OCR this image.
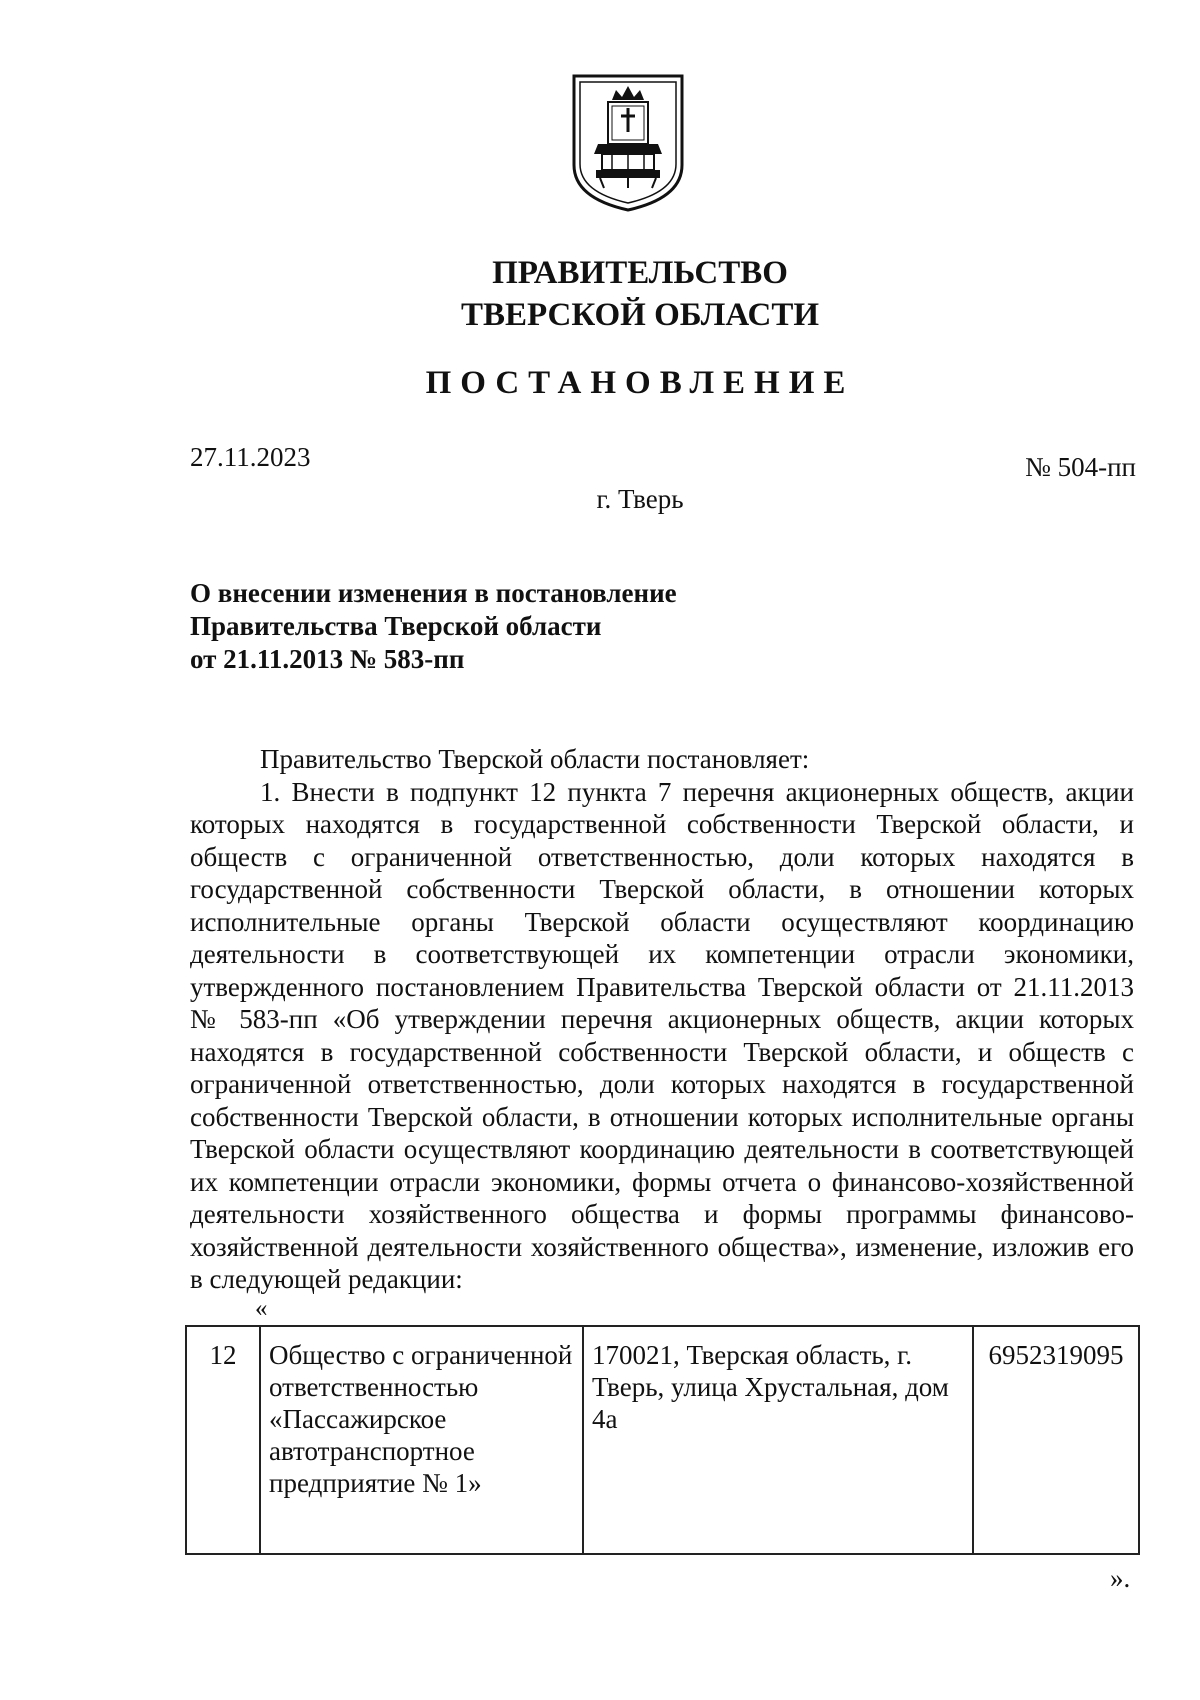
ПРАВИТЕЛЬСТВО
ТВЕРСКОЙ ОБЛАСТИ
ПОСТАНОВЛЕНИЕ
27.11.2023	№ 504-пп
г. Тверь
О внесении изменения в постановление
Правительства Тверской области
от 21.11.2013 № 583-пп

Правительство Тверской области постановляет:

1. Внести в подпункт 12 пункта 7 перечня акционерных обществ, акции которых находятся в государственной собственности Тверской области, и обществ с ограниченной ответственностью, доли которых находятся в государственной собственности Тверской области, в отношении которых исполнительные органы Тверской области осуществляют координацию деятельности в соответствующей их компетенции отрасли экономики, утвержденного постановлением Правительства Тверской области от 21.11.2013 № 583-пп «Об утверждении перечня акционерных обществ, акции которых находятся в государственной собственности Тверской области, и обществ с ограниченной ответственностью, доли которых находятся в государственной собственности Тверской области, в отношении которых исполнительные органы Тверской области осуществляют координацию деятельности в соответствующей их компетенции отрасли экономики, формы отчета о финансово-хозяйственной деятельности хозяйственного общества и формы программы финансово-хозяйственной деятельности хозяйственного общества», изменение, изложив его в следующей редакции:

«
12	Общество с ограниченной ответственностью «Пассажирское автотранспортное предприятие № 1»	170021, Тверская область, г. Тверь, улица Хрустальная, дом 4а	6952319095
».
